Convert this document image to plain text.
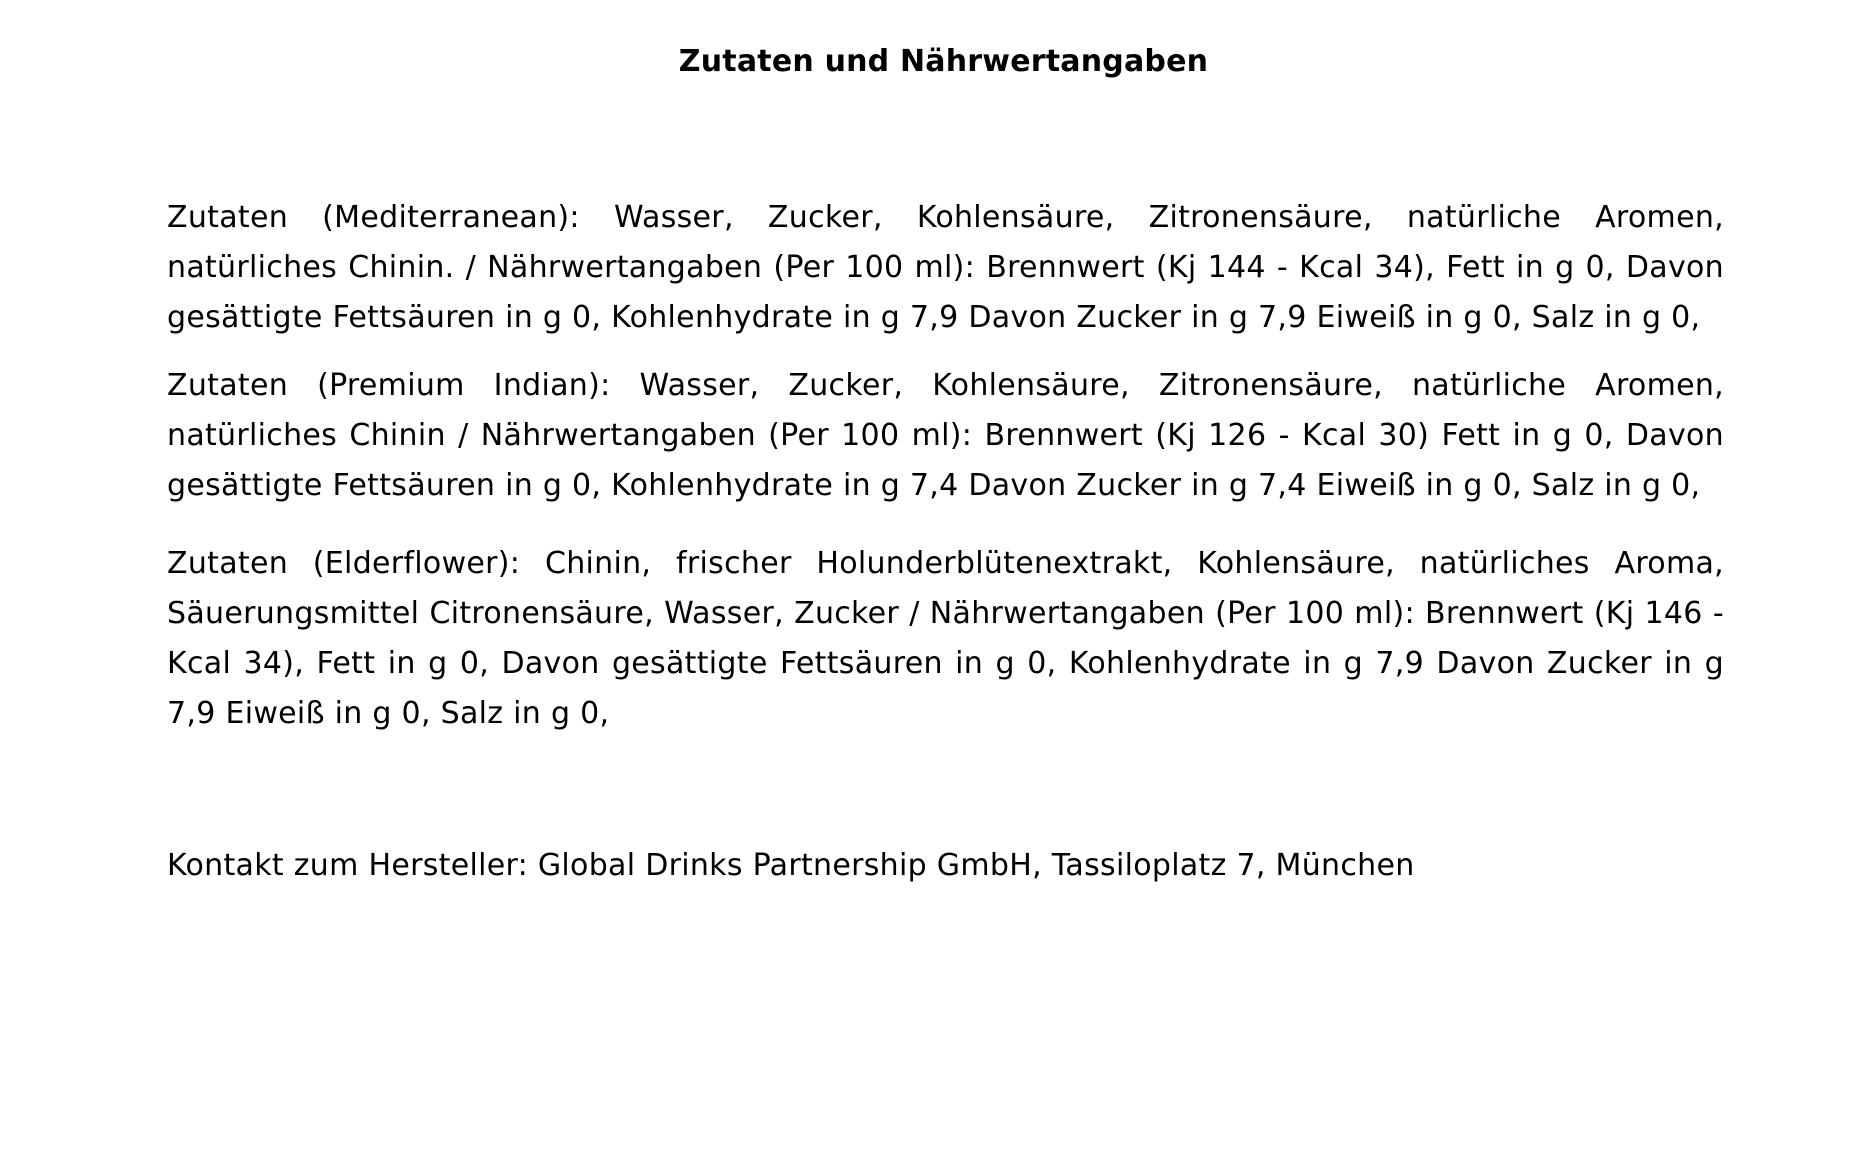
Zutaten und Nährwertangaben
Zutaten (Mediterranean): Wasser, Zucker, Kohlensäure, Zitronensäure, natürliche Aromen, natürliches Chinin. / Nährwertangaben (Per 100 ml): Brennwert (Kj 144 - Kcal 34), Fett in g 0, Davon gesättigte Fettsäuren in g 0, Kohlenhydrate in g 7,9 Davon Zucker in g 7,9 Eiweiß in g 0, Salz in g 0,
Zutaten (Premium Indian): Wasser, Zucker, Kohlensäure, Zitronensäure, natürliche Aromen, natürliches Chinin / Nährwertangaben (Per 100 ml): Brennwert (Kj 126 - Kcal 30) Fett in g 0, Davon gesättigte Fettsäuren in g 0, Kohlenhydrate in g 7,4 Davon Zucker in g 7,4 Eiweiß in g 0, Salz in g 0,
Zutaten (Elderflower): Chinin, frischer Holunderblütenextrakt, Kohlensäure, natürliches Aroma, Säuerungsmittel Citronensäure, Wasser, Zucker / Nährwertangaben (Per 100 ml): Brennwert (Kj 146 - Kcal 34), Fett in g 0, Davon gesättigte Fettsäuren in g 0, Kohlenhydrate in g 7,9 Davon Zucker in g 7,9 Eiweiß in g 0, Salz in g 0,
Kontakt zum Hersteller: Global Drinks Partnership GmbH, Tassiloplatz 7, München
